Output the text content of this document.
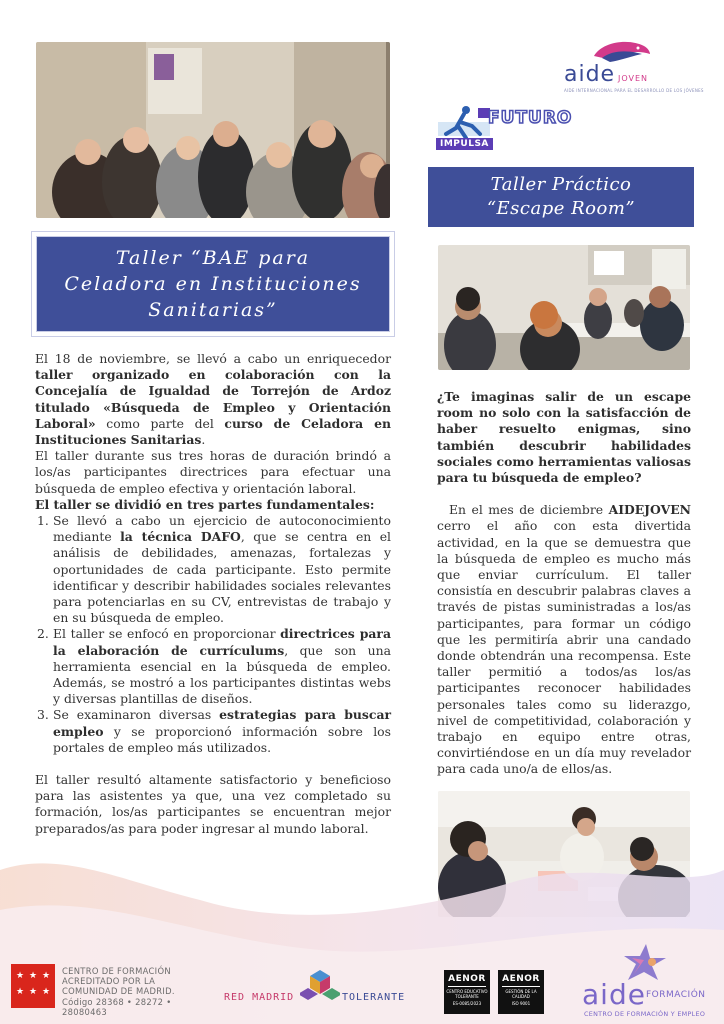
aide JOVEN
AIDE INTERNACIONAL PARA EL DESARROLLO DE LOS JÓVENES
FUTURO
IMPULSA
Taller “BAE para
Celadora en Instituciones
Sanitarias”
Taller Práctico
“Escape Room”

El 18 de noviembre, se llevó a cabo un enriquecedor taller organizado en colaboración con la Concejalía de Igualdad de Torrejón de Ardoz titulado «Búsqueda de Empleo y Orientación Laboral» como parte del curso de Celadora en Instituciones Sanitarias.

El taller durante sus tres horas de duración brindó a los/as participantes directrices para efectuar una búsqueda de empleo efectiva y orientación laboral.

El taller se dividió en tres partes fundamentales:

1. Se llevó a cabo un ejercicio de autoconocimiento mediante la técnica DAFO, que se centra en el análisis de debilidades, amenazas, fortalezas y oportunidades de cada participante. Esto permite identificar y describir habilidades sociales relevantes para potenciarlas en su CV, entrevistas de trabajo y en su búsqueda de empleo.
2. El taller se enfocó en proporcionar directrices para la elaboración de currículums, que son una herramienta esencial en la búsqueda de empleo. Además, se mostró a los participantes distintas webs y diversas plantillas de diseños.
3. Se examinaron diversas estrategias para buscar empleo y se proporcionó información sobre los portales de empleo más utilizados.

El taller resultó altamente satisfactorio y beneficioso para las asistentes ya que, una vez completado su formación, los/as participantes se encuentran mejor preparados/as para poder ingresar al mundo laboral.

¿Te imaginas salir de un escape room no solo con la satisfacción de haber resuelto enigmas, sino también descubrir habilidades sociales como herramientas valiosas para tu búsqueda de empleo?

En el mes de diciembre AIDEJOVEN cerro el año con esta divertida actividad, en la que se demuestra que la búsqueda de empleo es mucho más que enviar currículum. El taller consistía en descubrir palabras claves a través de pistas suministradas a los/as participantes, para formar un código que les permitiría abrir una candado donde obtendrán una recompensa. Este taller permitió a todos/as los/as participantes reconocer habilidades personales tales como su liderazgo, nivel de competitividad, colaboración y trabajo en equipo entre otras, convirtiéndose en un día muy revelador para cada uno/a de ellos/as.

★ ★ ★
★ ★ ★
CENTRO DE FORMACIÓN
ACREDITADO POR LA
COMUNIDAD DE MADRID.
Código 28368 • 28272 • 28080463
RED MADRID	TOLERANTE
AENOR
CENTRO EDUCATIVO TOLERANTE
ES-0085/2023
AENOR
GESTIÓN DE LA CALIDAD
ISO 9001	aide FORMACIÓN
CENTRO DE FORMACIÓN Y EMPLEO
